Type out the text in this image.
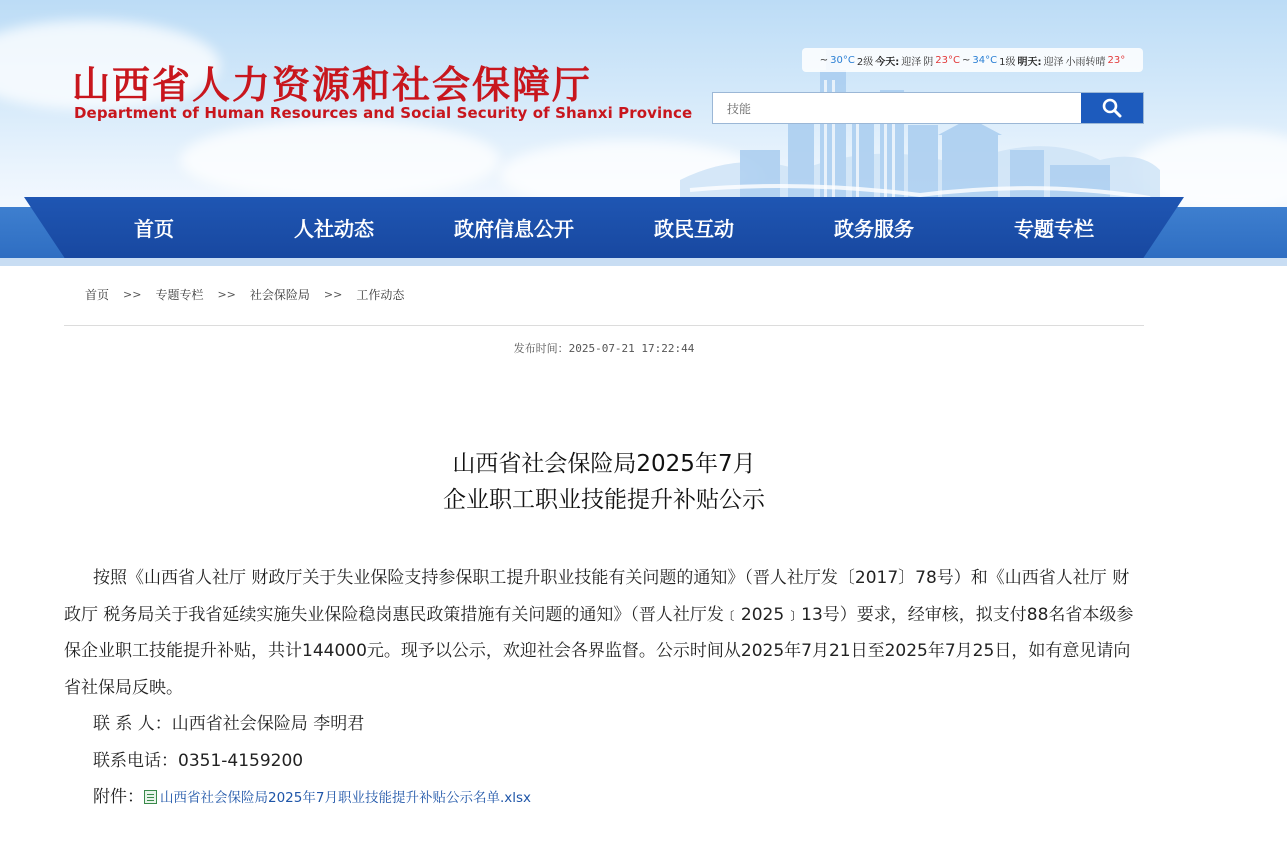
山西省人力资源和社会保障厅
Department of Human Resources and Social Security of Shanxi Province
~ 30°C 2级 今天: 迎泽 阴 23°C ~ 34°C 1级 明天: 迎泽 小雨转晴 23°
技能
首页	人社动态	政府信息公开	政民互动	政务服务	专题专栏
首页 >> 专题专栏 >> 社会保险局 >> 工作动态
发布时间：2025-07-21 17:22:44
山西省社会保险局2025年7月
企业职工职业技能提升补贴公示

按照《山西省人社厅 财政厅关于失业保险支持参保职工提升职业技能有关问题的通知》（晋人社厅发〔2017〕78号）和《山西省人社厅 财政厅 税务局关于我省延续实施失业保险稳岗惠民政策措施有关问题的通知》（晋人社厅发﹝2025﹞13号）要求，经审核，拟支付88名省本级参保企业职工技能提升补贴，共计144000元。现予以公示，欢迎社会各界监督。公示时间从2025年7月21日至2025年7月25日，如有意见请向省社保局反映。

联 系 人：山西省社会保险局 李明君
联系电话：0351-4159200
附件： 山西省社会保险局2025年7月职业技能提升补贴公示名单.xlsx
